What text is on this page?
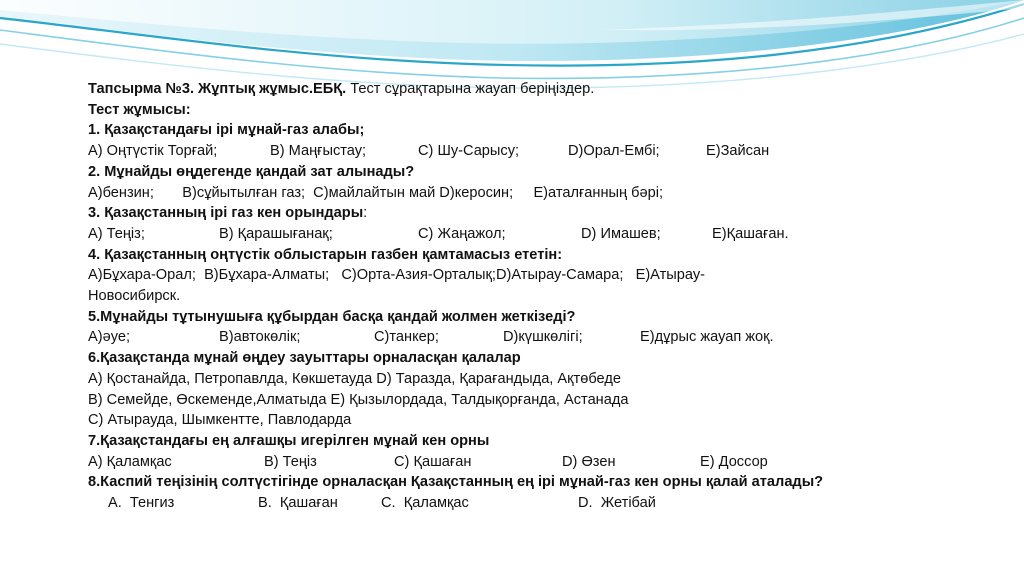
Тапсырма №3. Жұптық жұмыс.ЕБҚ. Тест сұрақтарына жауап беріңіздер.
Тест жұмысы:
1. Қазақстандағы ірі мұнай-газ алабы;
А) Оңтүстік Торғай;	В) Маңғыстау;	С) Шу-Сарысу;	D)Орал-Ембі;	Е)Зайсан
2. Мұнайды өңдегенде қандай зат алынады?
А)бензин;       В)сұйытылған газ;  С)майлайтын май D)керосин;     Е)аталғанның бәрі;
3. Қазақстанның ірі газ кен орындары:
А) Теңіз;	В) Қарашығанақ;	С) Жаңажол;	D) Имашев;	Е)Қашаған.
4. Қазақстанның оңтүстік облыстарын газбен қамтамасыз ететін:
А)Бұхара-Орал;  В)Бұхара-Алматы;   С)Орта-Азия-Орталық;D)Атырау-Самара;   Е)Атырау-
Новосибирск.
5.Мұнайды тұтынушыға құбырдан басқа қандай жолмен жеткізеді?
А)әуе;	В)автокөлік;	С)танкер;	D)күшкөлігі;	Е)дұрыс жауап жоқ.
6.Қазақстанда мұнай өңдеу зауыттары орналасқан қалалар
А) Қостанайда, Петропавлда, Көкшетауда D) Таразда, Қарағандыда, Ақтөбеде
В) Семейде, Өскеменде,Алматыда Е) Қызылордада, Талдықорғанда, Астанада
С) Атырауда, Шымкентте, Павлодарда
7.Қазақстандағы ең алғашқы игерілген мұнай кен орны
А) Қаламқас	В) Теңіз	С) Қашаған	D) Өзен	Е) Доссор
8.Каспий теңізінің солтүстігінде орналасқан Қазақстанның ең ірі мұнай-газ кен орны қалай аталады?
А.  Тенгиз	В.  Қашаған	С.  Қаламқас	D.  Жетібай
